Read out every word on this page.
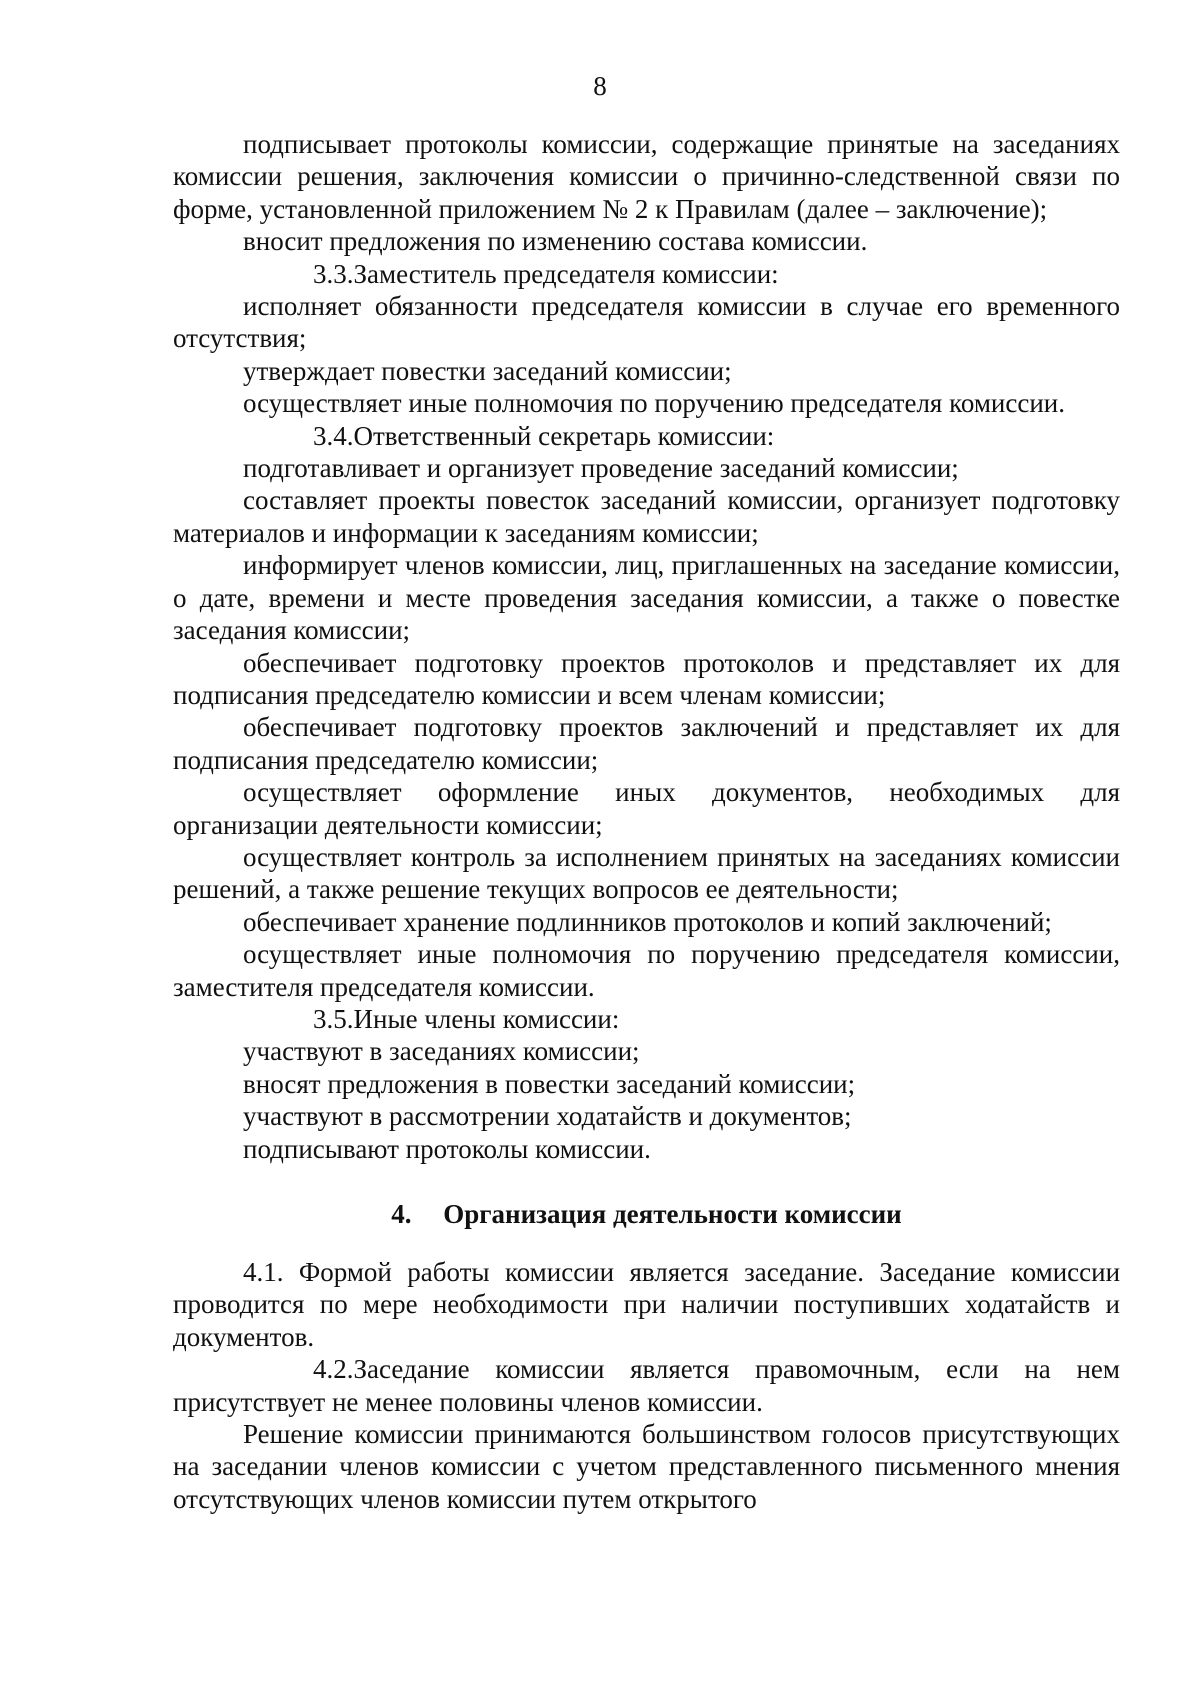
8

подписывает протоколы комиссии, содержащие принятые на заседаниях комиссии решения, заключения комиссии о причинно-следственной связи по форме, установленной приложением № 2 к Правилам (далее – заключение);

вносит предложения по изменению состава комиссии.

3.3.Заместитель председателя комиссии:

исполняет обязанности председателя комиссии в случае его временного отсутствия;

утверждает повестки заседаний комиссии;

осуществляет иные полномочия по поручению председателя комиссии.

3.4.Ответственный секретарь комиссии:

подготавливает и организует проведение заседаний комиссии;

составляет проекты повесток заседаний комиссии, организует подготовку материалов и информации к заседаниям комиссии;

информирует членов комиссии, лиц, приглашенных на заседание комиссии, о дате, времени и месте проведения заседания комиссии, а также о повестке заседания комиссии;

обеспечивает подготовку проектов протоколов и представляет их для подписания председателю комиссии и всем членам комиссии;

обеспечивает подготовку проектов заключений и представляет их для подписания председателю комиссии;

осуществляет оформление иных документов, необходимых для организации деятельности комиссии;

осуществляет контроль за исполнением принятых на заседаниях комиссии решений, а также решение текущих вопросов ее деятельности;

обеспечивает хранение подлинников протоколов и копий заключений;

осуществляет иные полномочия по поручению председателя комиссии, заместителя председателя комиссии.

3.5.Иные члены комиссии:

участвуют в заседаниях комиссии;

вносят предложения в повестки заседаний комиссии;

участвуют в рассмотрении ходатайств и документов;

подписывают протоколы комиссии.

4. Организация деятельности комиссии

4.1. Формой работы комиссии является заседание. Заседание комиссии проводится по мере необходимости при наличии поступивших ходатайств и документов.

4.2.Заседание комиссии является правомочным, если на нем присутствует не менее половины членов комиссии.

Решение комиссии принимаются большинством голосов присутствующих на заседании членов комиссии с учетом представленного письменного мнения отсутствующих членов комиссии путем открытого
